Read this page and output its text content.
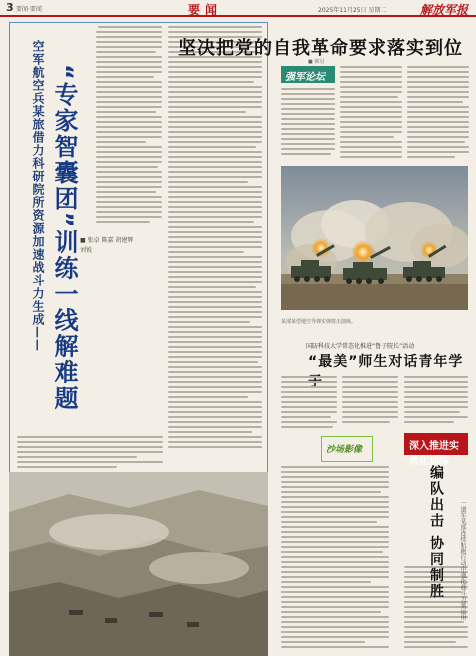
3 要闻·要闻	要闻	2025年11月25日 星期二	解放军报
空军航空兵某旅借力科研院所资源加速战斗力生成—— “专家智囊团”训练一线解难题 ■ 张卓 陈嘉 胡建辉 刘锐
坚决把党的自我革命要求落实到位
■ 韩冠
强军论坛
某部某型地空导弹实弹射击演练。
国防科技大学常态化推进“鲁子院长”活动
“最美”师生对话青年学子
沙场影像	深入推进实战化训练
编队出击 协同制胜	一道军某部连续航跑行动中强化战斗力量运用
